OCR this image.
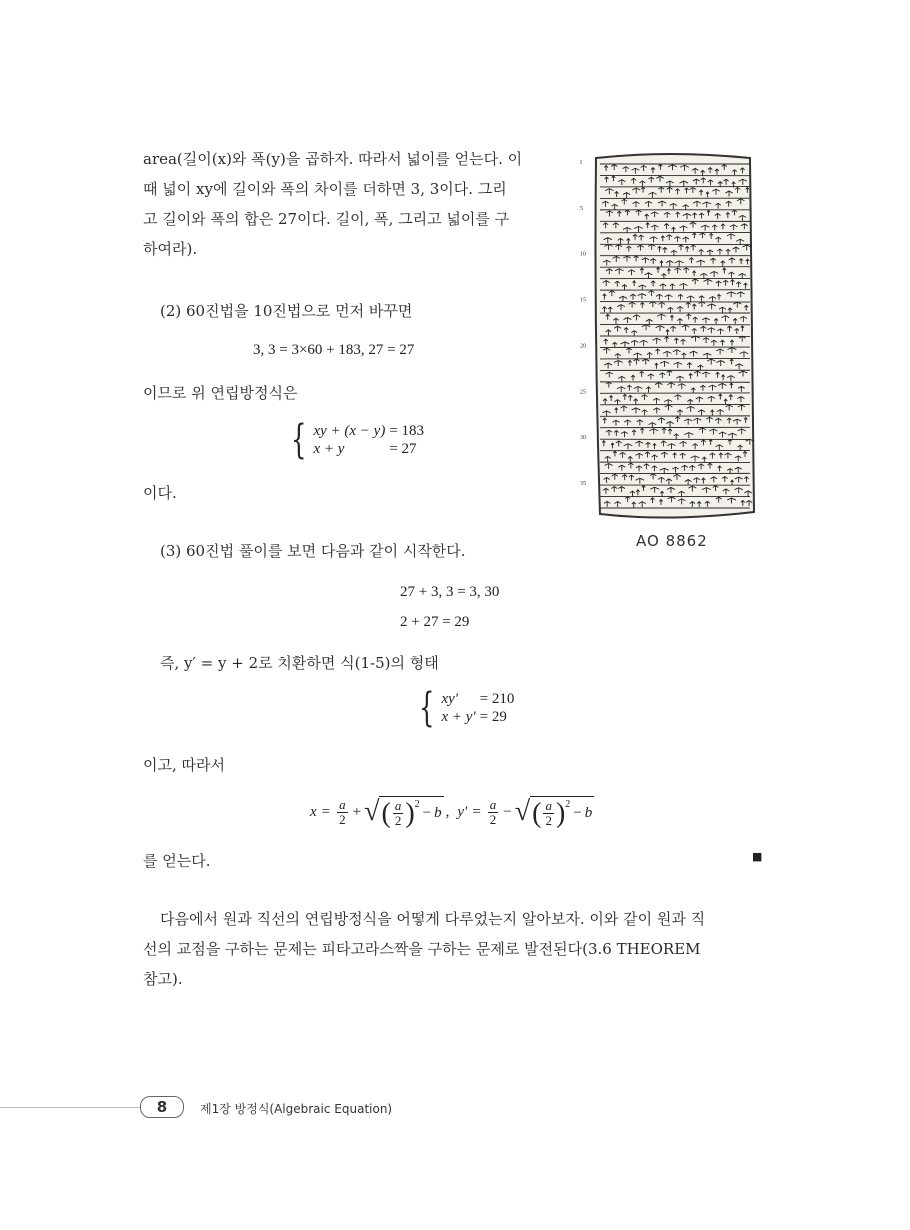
area(길이(x)와 폭(y)을 곱하자. 따라서 넓이를 얻는다. 이
때 넓이 xy에 길이와 폭의 차이를 더하면 3, 3이다. 그리
고 길이와 폭의 합은 27이다. 길이, 폭, 그리고 넓이를 구
하여라).
I
5
10
15
20
25
30
35
AO 8862
(2) 60진법을 10진법으로 먼저 바꾸면
3, 3 = 3×60 + 183, 27 = 27
이므로 위 연립방정식은
{ xy + (x − y) = 183
x + y	= 27
이다.
(3) 60진법 풀이를 보면 다음과 같이 시작한다.
27 + 3, 3 = 3, 30
2 + 27 = 29
즉, y′ = y + 2로 치환하면 식(1-5)의 형태
{ xy′	= 210
x + y′ = 29
이고, 따라서
$x = \frac{a}{2}$ + √ ( $\frac{a}{2} )^2$
− b , $y' = \frac{a}{2}$ − √ ( $\frac{a}{2} )^2$
− b
를 얻는다.	■
다음에서 원과 직선의 연립방정식을 어떻게 다루었는지 알아보자. 이와 같이 원과 직
선의 교점을 구하는 문제는 피타고라스짝을 구하는 문제로 발전된다(3.6 THEOREM
참고).
8	제1장 방정식(Algebraic Equation)
